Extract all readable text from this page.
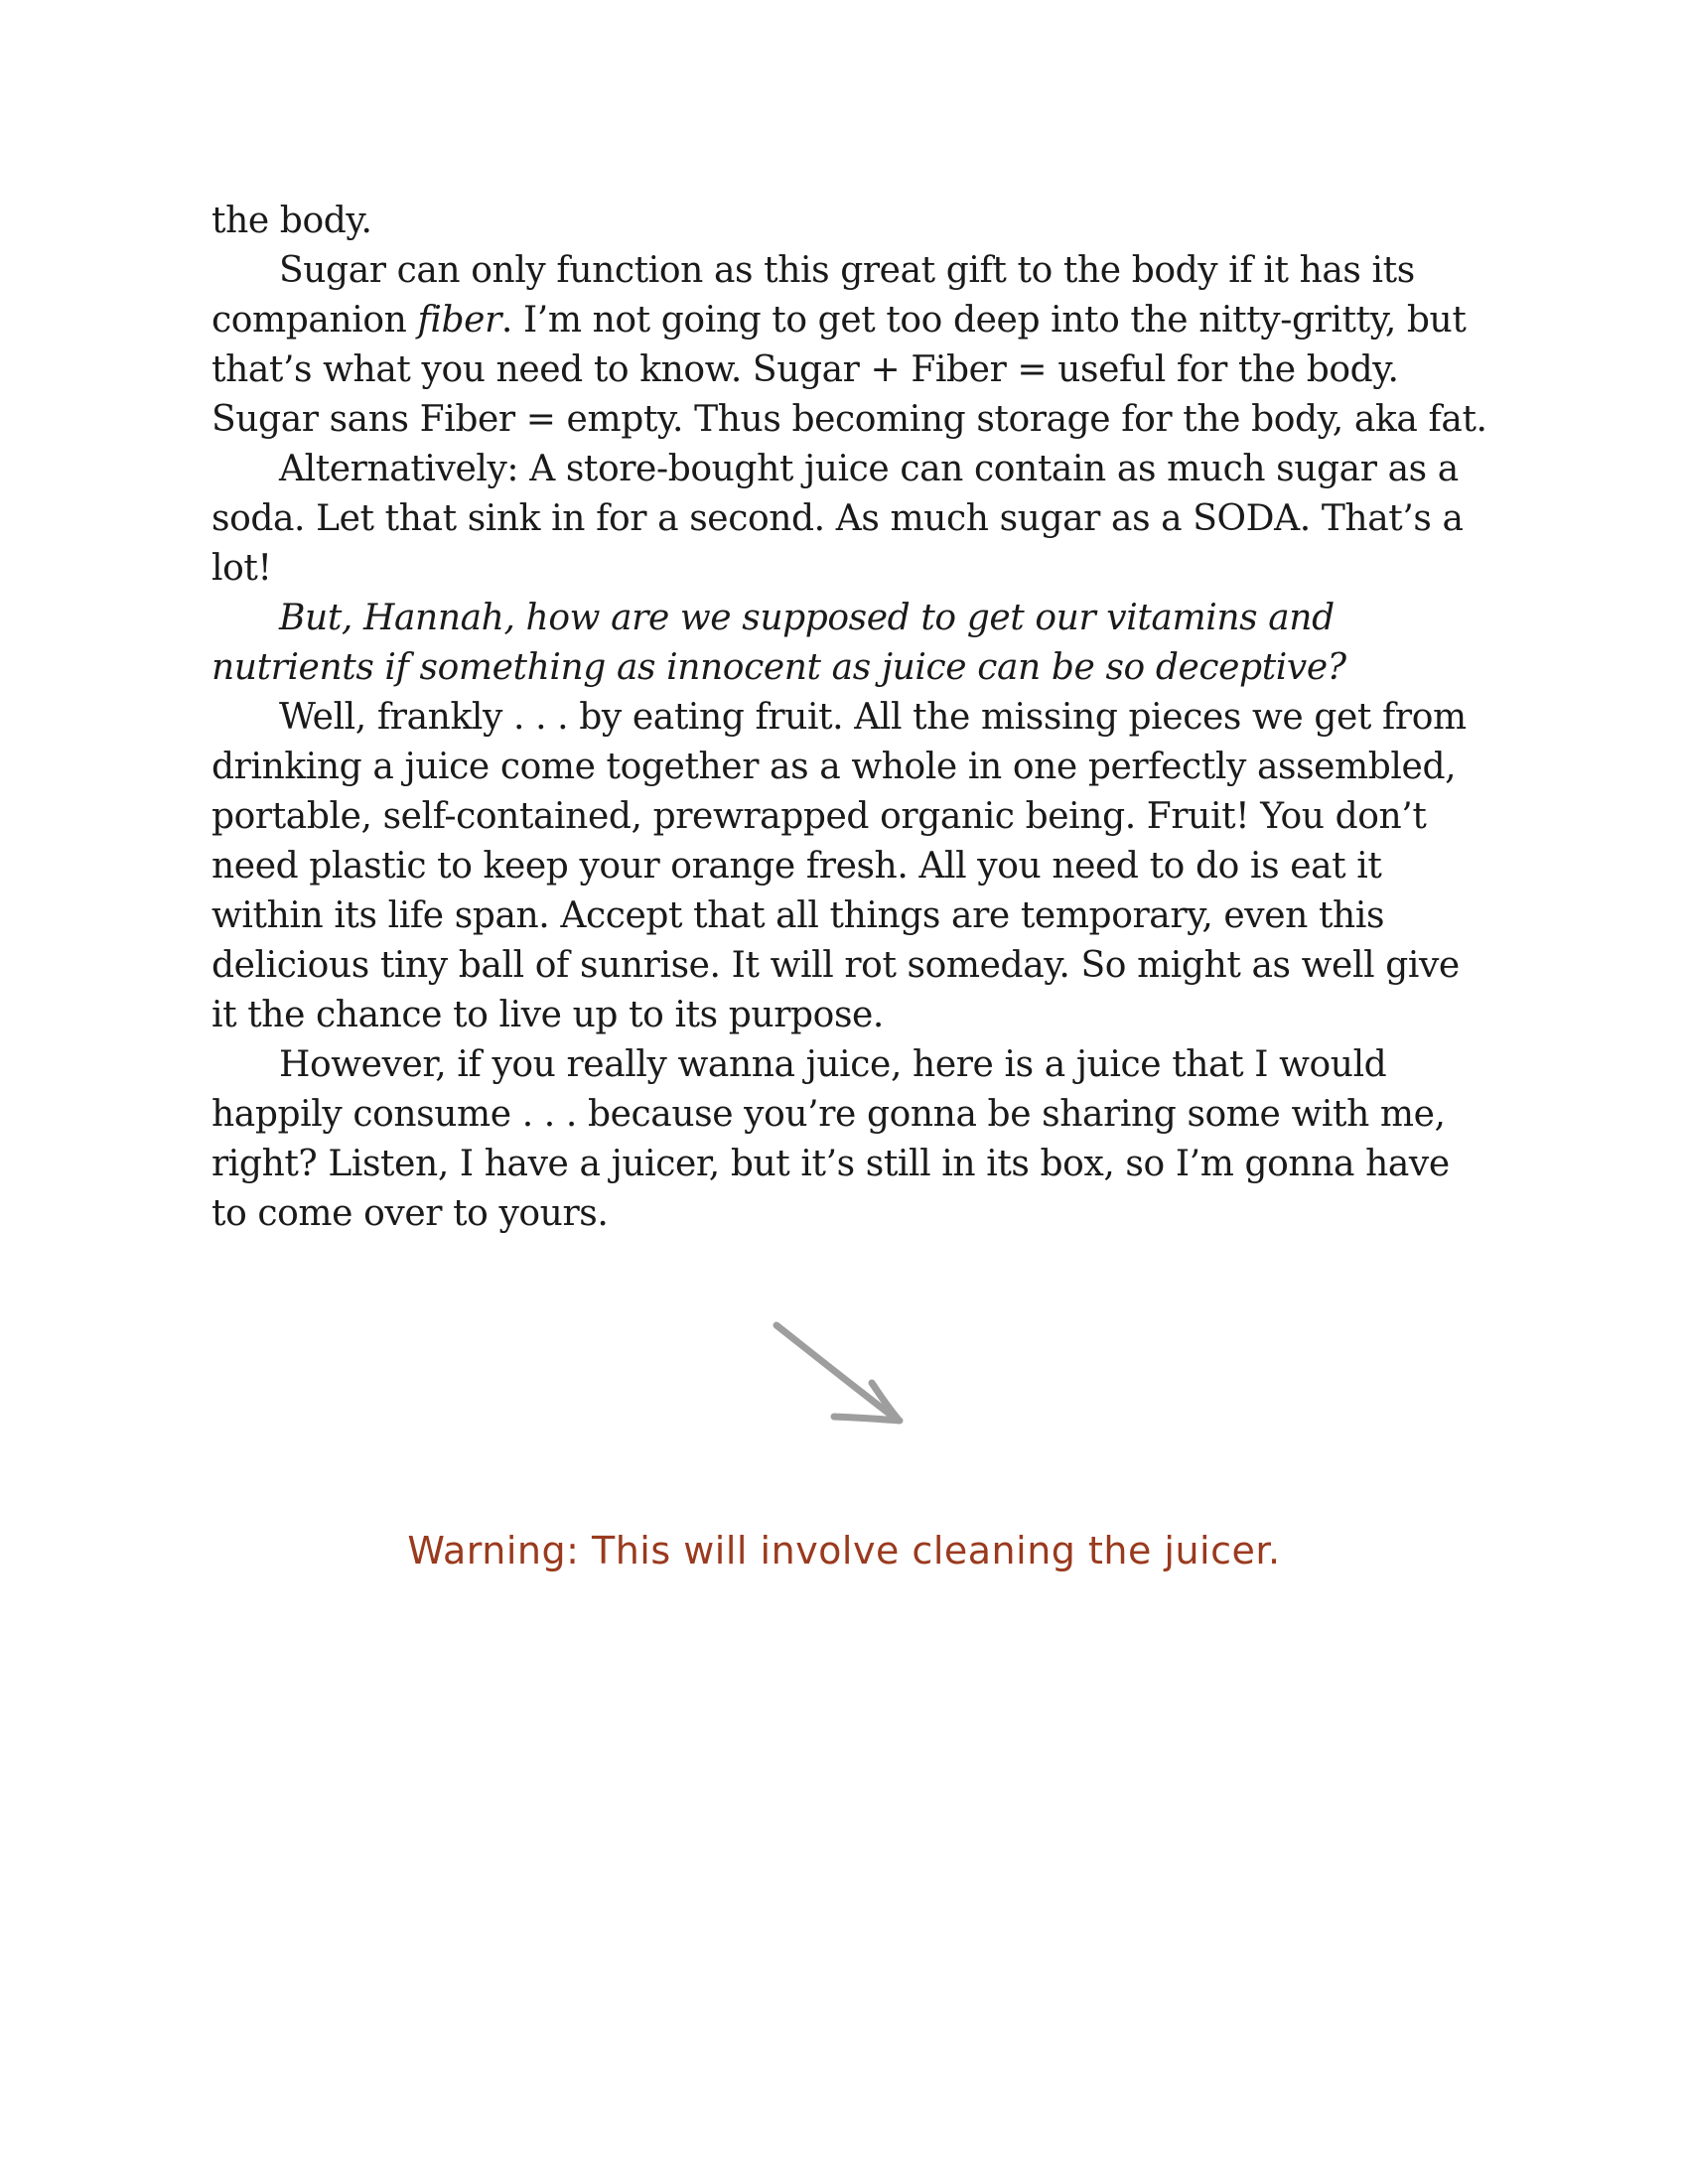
the body.

Sugar can only function as this great gift to the body if it has its companion fiber. I’m not going to get too deep into the nitty-gritty, but that’s what you need to know. Sugar + Fiber = useful for the body. Sugar sans Fiber = empty. Thus becoming storage for the body, aka fat.

Alternatively: A store-bought juice can contain as much sugar as a soda. Let that sink in for a second. As much sugar as a SODA. That’s a lot!

But, Hannah, how are we supposed to get our vitamins and nutrients if something as innocent as juice can be so deceptive?

Well, frankly . . . by eating fruit. All the missing pieces we get from drinking a juice come together as a whole in one perfectly assembled, portable, self-contained, prewrapped organic being. Fruit! You don’t need plastic to keep your orange fresh. All you need to do is eat it within its life span. Accept that all things are temporary, even this delicious tiny ball of sunrise. It will rot someday. So might as well give it the chance to live up to its purpose.

However, if you really wanna juice, here is a juice that I would happily consume . . . because you’re gonna be sharing some with me, right? Listen, I have a juicer, but it’s still in its box, so I’m gonna have to come over to yours.

Warning: This will involve cleaning the juicer.
